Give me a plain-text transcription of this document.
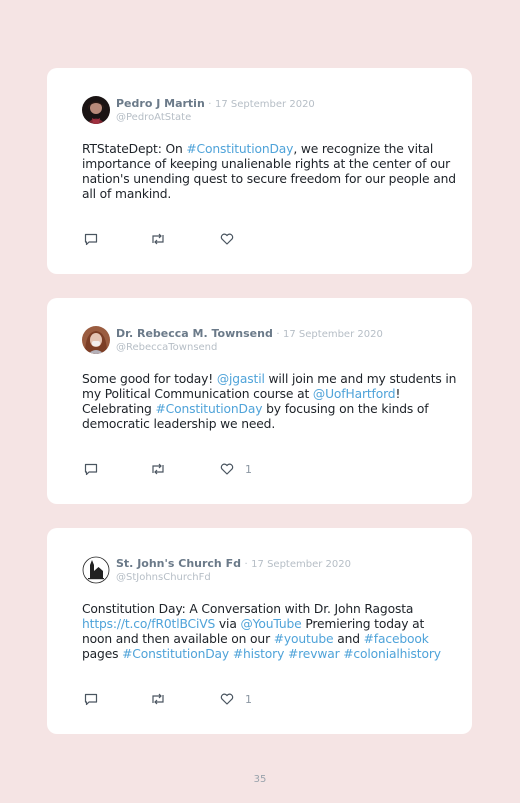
Pedro J Martin · 17 September 2020
@PedroAtState
RTStateDept: On #ConstitutionDay, we recognize the vital importance of keeping unalienable rights at the center of our nation's unending quest to secure freedom for our people and all of mankind.
Dr. Rebecca M. Townsend · 17 September 2020
@RebeccaTownsend
Some good for today! @jgastil will join me and my students in my Political Communication course at @UofHartford! Celebrating #ConstitutionDay by focusing on the kinds of democratic leadership we need.
1
St. John's Church Fd · 17 September 2020
@StJohnsChurchFd
Constitution Day: A Conversation with Dr. John Ragosta https://t.co/fR0tlBCiVS via @YouTube Premiering today at noon and then available on our #youtube and #facebook pages #ConstitutionDay #history #revwar #colonialhistory
1
35
